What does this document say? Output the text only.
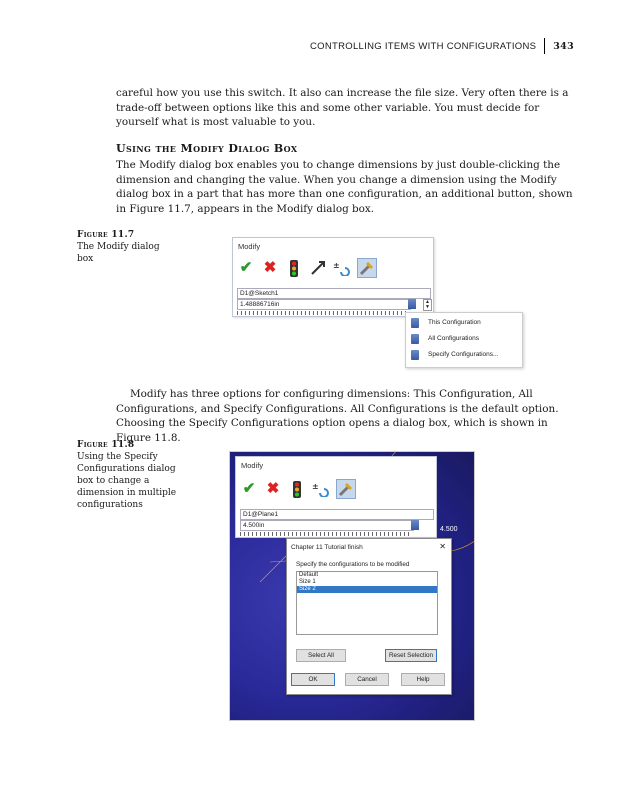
CONTROLLING ITEMS WITH CONFIGURATIONS 343

careful how you use this switch. It also can increase the file size. Very often there is a trade-off between options like this and some other variable. You must decide for yourself what is most valuable to you.

Using the Modify Dialog Box

The Modify dialog box enables you to change dimensions by just double-clicking the dimension and changing the value. When you change a dimension using the Modify dialog box in a part that has more than one configuration, an additional button, shown in Figure 11.7, appears in the Modify dialog box.

Figure 11.7
The Modify dialog box
Modify
✔ ✖	±
D1@Sketch1
1.48886716in	▲
▼
This Configuration
All Configurations
Specify Configurations...

Modify has three options for configuring dimensions: This Configuration, All Configurations, and Specify Configurations. All Configurations is the default option. Choosing the Specify Configurations option opens a dialog box, which is shown in Figure 11.8.

Figure 11.8
Using the Specify Configurations dialog box to change a dimension in multiple configurations
4.500
Modify
✔ ✖	±
D1@Plane1
4.500in
Chapter 11 Tutorial finish	✕
Specify the configurations to be modified
Default
Size 1
Size 2
Select All	Reset Selection
OK	Cancel	Help
